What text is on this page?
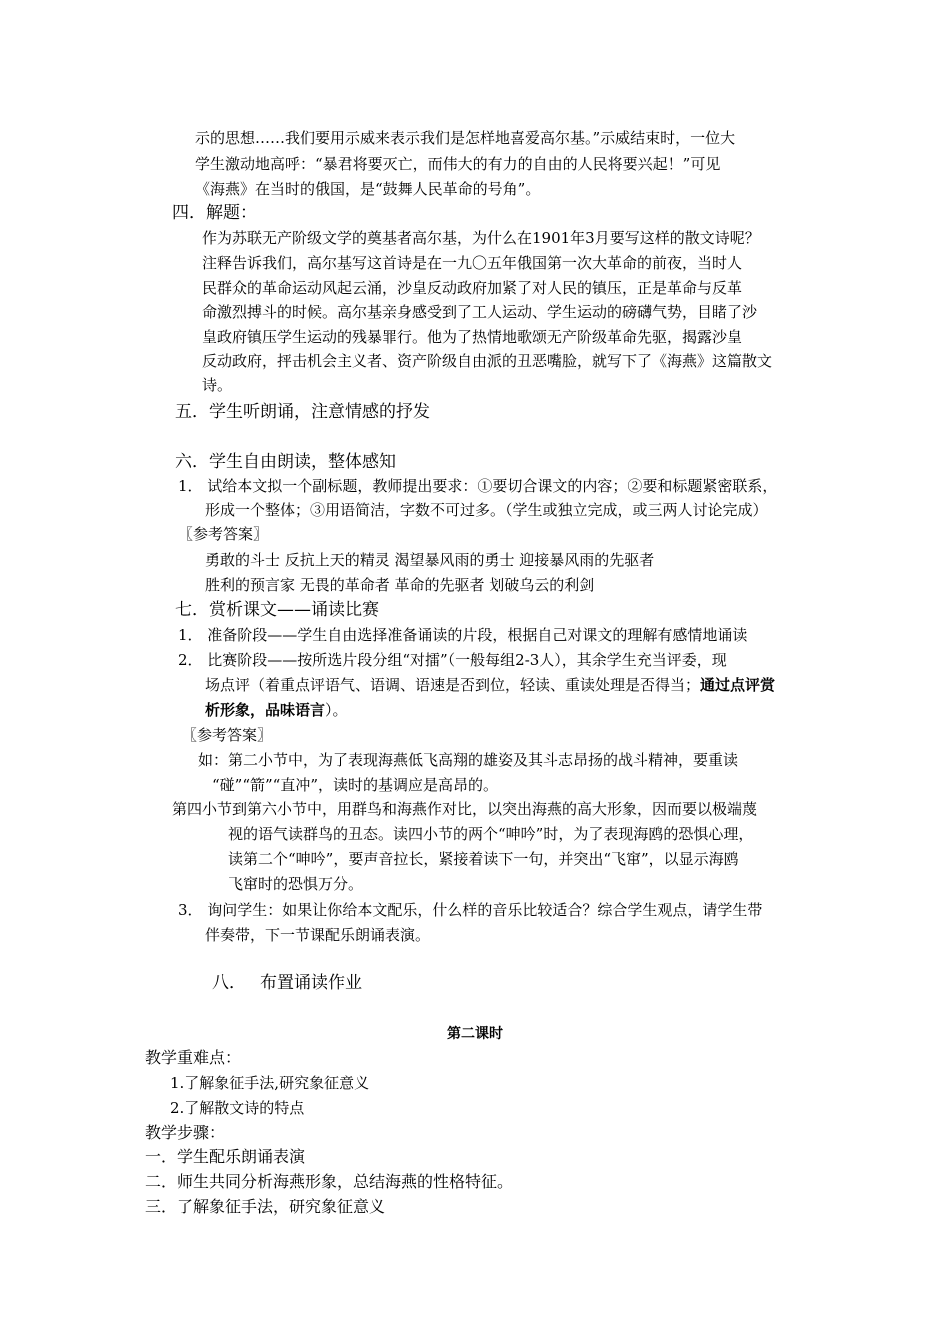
示的思想……我们要用示威来表示我们是怎样地喜爱高尔基。”示威结束时，一位大
学生激动地高呼：“暴君将要灭亡，而伟大的有力的自由的人民将要兴起！”可见
《海燕》在当时的俄国，是“鼓舞人民革命的号角”。
四．解题：
作为苏联无产阶级文学的奠基者高尔基，为什么在1901年3月要写这样的散文诗呢？
注释告诉我们，高尔基写这首诗是在一九〇五年俄国第一次大革命的前夜，当时人
民群众的革命运动风起云涌，沙皇反动政府加紧了对人民的镇压，正是革命与反革
命激烈搏斗的时候。高尔基亲身感受到了工人运动、学生运动的磅礴气势，目睹了沙
皇政府镇压学生运动的残暴罪行。他为了热情地歌颂无产阶级革命先驱，揭露沙皇
反动政府，抨击机会主义者、资产阶级自由派的丑恶嘴脸，就写下了《海燕》这篇散文
诗。
五．学生听朗诵，注意情感的抒发
六．学生自由朗读，整体感知
1． 试给本文拟一个副标题，教师提出要求：①要切合课文的内容；②要和标题紧密联系，
形成一个整体；③用语简洁，字数不可过多。（学生或独立完成，或三两人讨论完成）
〖参考答案〗
勇敢的斗士 反抗上天的精灵 渴望暴风雨的勇士 迎接暴风雨的先驱者
胜利的预言家 无畏的革命者 革命的先驱者 划破乌云的利剑
七．赏析课文——诵读比赛
1． 准备阶段——学生自由选择准备诵读的片段，根据自己对课文的理解有感情地诵读
2． 比赛阶段——按所选片段分组“对擂”（一般每组2-3人），其余学生充当评委，现
场点评（着重点评语气、语调、语速是否到位，轻读、重读处理是否得当；通过点评赏
析形象，品味语言）。
〖参考答案〗
如：第二小节中，为了表现海燕低飞高翔的雄姿及其斗志昂扬的战斗精神，要重读
“碰”“箭”“直冲”，读时的基调应是高昂的。
第四小节到第六小节中，用群鸟和海燕作对比，以突出海燕的高大形象，因而要以极端蔑
视的语气读群鸟的丑态。读四小节的两个“呻吟”时，为了表现海鸥的恐惧心理，
读第二个“呻吟”，要声音拉长，紧接着读下一句，并突出“飞窜”，以显示海鸥
飞窜时的恐惧万分。
3． 询问学生：如果让你给本文配乐，什么样的音乐比较适合？综合学生观点，请学生带
伴奏带，下一节课配乐朗诵表演。
八． 布置诵读作业
第二课时
教学重难点：
1.了解象征手法,研究象征意义
2.了解散文诗的特点
教学步骤：
一．学生配乐朗诵表演
二．师生共同分析海燕形象，总结海燕的性格特征。
三．了解象征手法，研究象征意义
